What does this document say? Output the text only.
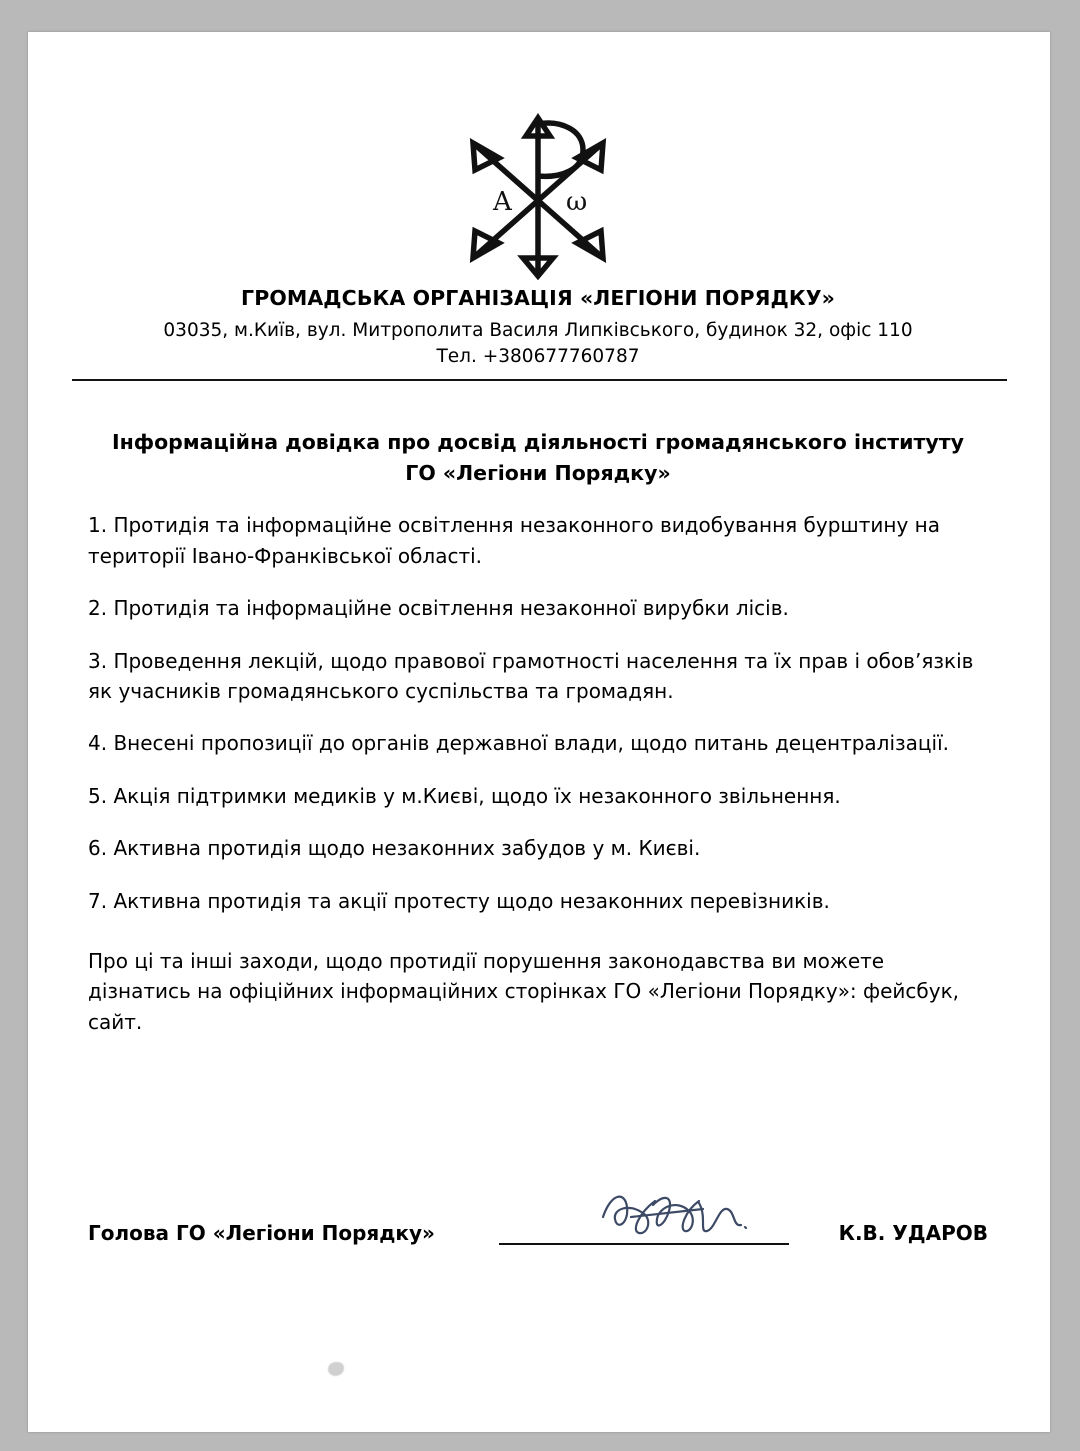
A ω
ГРОМАДСЬКА ОРГАНІЗАЦІЯ «ЛЕГІОНИ ПОРЯДКУ»
03035, м.Київ, вул. Митрополита Василя Липківського, будинок 32, офіс 110
Тел. +380677760787
Інформаційна довідка про досвід діяльності громадянського інституту ГО «Легіони Порядку»
1. Протидія та інформаційне освітлення незаконного видобування бурштину на території Івано-Франківської області.
2. Протидія та інформаційне освітлення незаконної вирубки лісів.
3. Проведення лекцій, щодо правової грамотності населення та їх прав і обов’язків як учасників громадянського суспільства та громадян.
4. Внесені пропозиції до органів державної влади, щодо питань децентралізації.
5. Акція підтримки медиків у м.Києві, щодо їх незаконного звільнення.
6. Активна протидія щодо незаконних забудов у м. Києві.
7. Активна протидія та акції протесту щодо незаконних перевізників.
Про ці та інші заходи, щодо протидії порушення законодавства ви можете дізнатись на офіційних інформаційних сторінках ГО «Легіони Порядку»: фейсбук, сайт.
Голова ГО «Легіони Порядку»	К.В. УДАРОВ
